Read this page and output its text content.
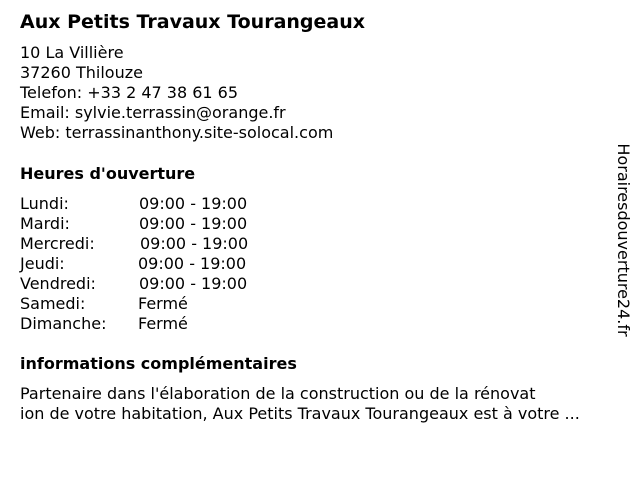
Aux Petits Travaux Tourangeaux
10 La Villière
37260 Thilouze
Telefon: +33 2 47 38 61 65
Email: sylvie.terrassin@orange.fr
Web: terrassinanthony.site-solocal.com
Heures d'ouverture
Lundi:	09:00 - 19:00
Mardi:	09:00 - 19:00
Mercredi:	09:00 - 19:00
Jeudi:	09:00 - 19:00
Vendredi:	09:00 - 19:00
Samedi:	Fermé
Dimanche: Fermé
informations complémentaires
Partenaire dans l'élaboration de la construction ou de la rénovat
ion de votre habitation, Aux Petits Travaux Tourangeaux est à votre ...
Horairesdouverture24.fr
